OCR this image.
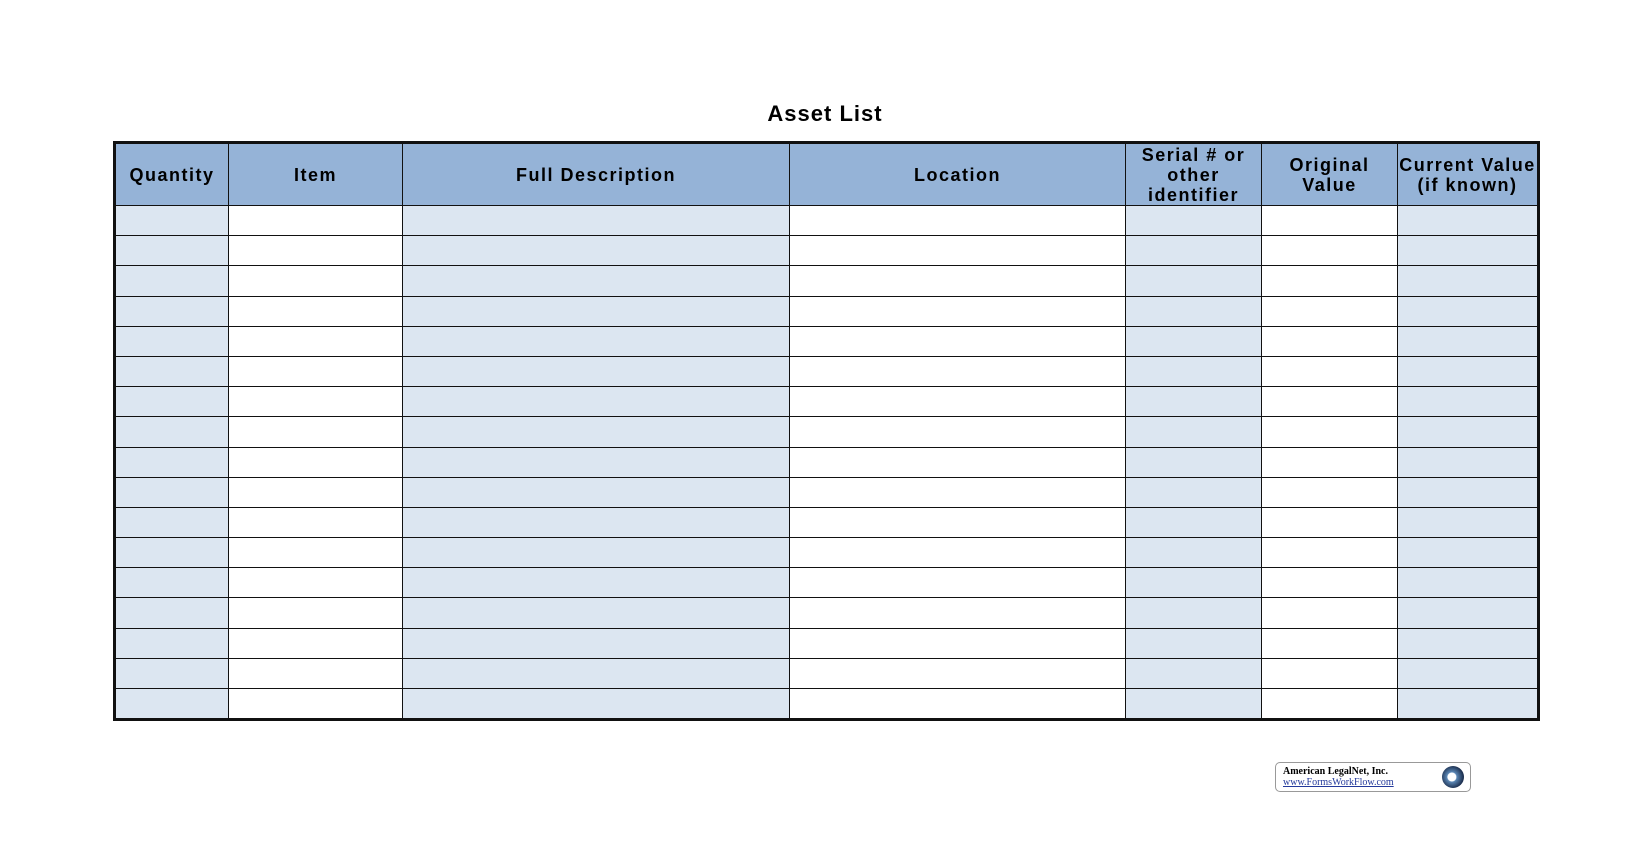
Asset List
Quantity	Item	Full Description	Location	Serial # or other identifier	Original Value	Current Value (if known)

American LegalNet, Inc.
www.FormsWorkFlow.com
